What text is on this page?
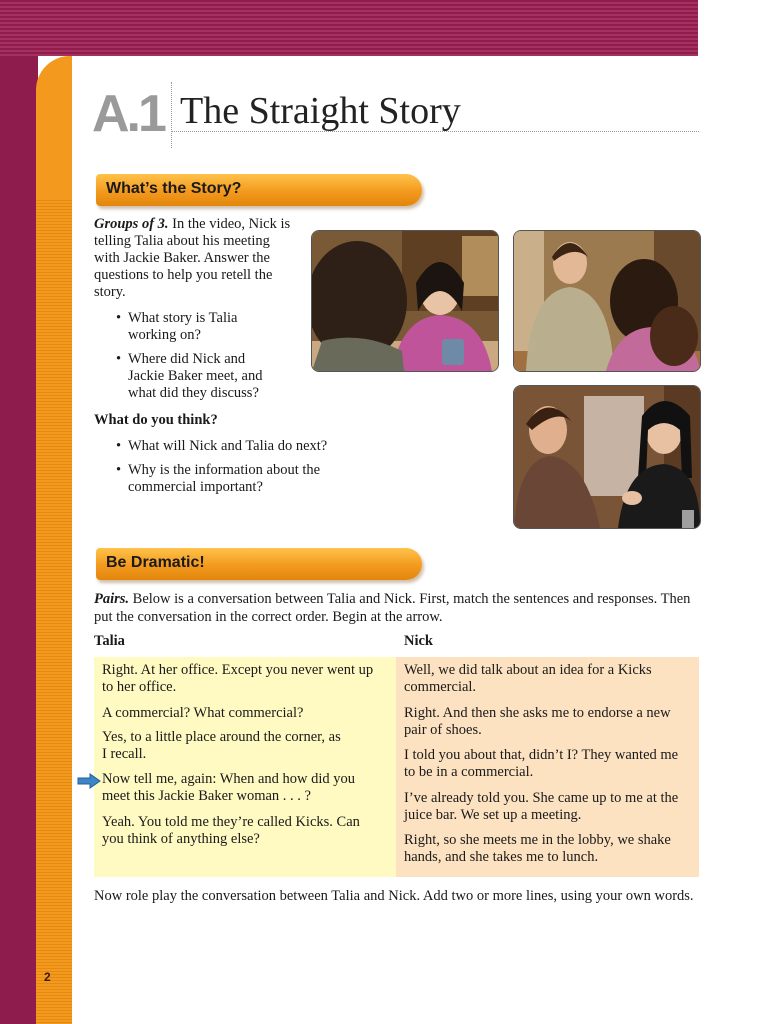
2
A.1 The Straight Story
What’s the Story?

Groups of 3. In the video, Nick is telling Talia about his meeting with Jackie Baker. Answer the questions to help you retell the story.

• What story is Talia working on?
• Where did Nick and Jackie Baker meet, and what did they discuss?

What do you think?

• What will Nick and Talia do next?
• Why is the information about the commercial important?
Be Dramatic!

Pairs. Below is a conversation between Talia and Nick. First, match the sentences and responses. Then put the conversation in the correct order. Begin at the arrow.

Talia	Nick

Right. At her office. Except you never went up to her office.

A commercial? What commercial?

Yes, to a little place around the corner, as I recall.

Now tell me, again: When and how did you meet this Jackie Baker woman . . . ?

Yeah. You told me they’re called Kicks. Can you think of anything else?

Well, we did talk about an idea for a Kicks commercial.

Right. And then she asks me to endorse a new pair of shoes.

I told you about that, didn’t I? They wanted me to be in a commercial.

I’ve already told you. She came up to me at the juice bar. We set up a meeting.

Right, so she meets me in the lobby, we shake hands, and she takes me to lunch.

Now role play the conversation between Talia and Nick. Add two or more lines, using your own words.
